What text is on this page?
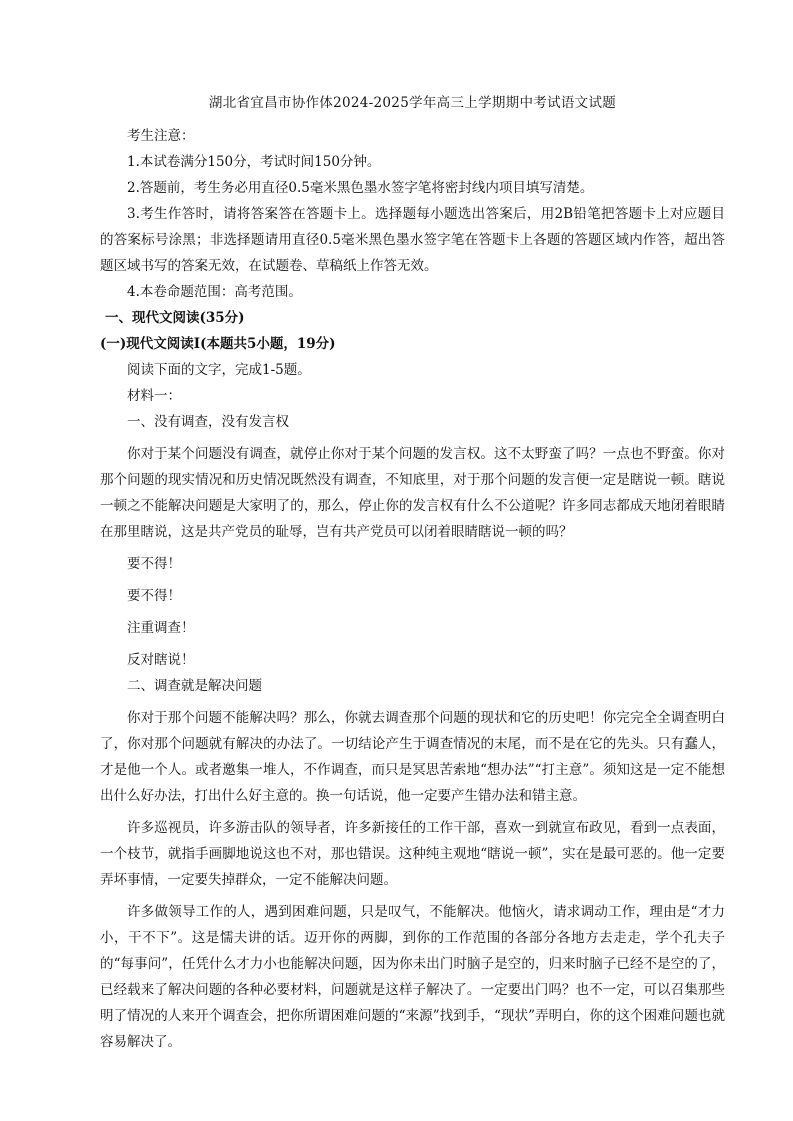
湖北省宜昌市协作体2024-2025学年高三上学期期中考试语文试题

考生注意：

1.本试卷满分150分，考试时间150分钟。

2.答题前，考生务必用直径0.5毫米黑色墨水签字笔将密封线内项目填写清楚。

3.考生作答时，请将答案答在答题卡上。选择题每小题选出答案后，用2B铅笔把答题卡上对应题目的答案标号涂黑；非选择题请用直径0.5毫米黑色墨水签字笔在答题卡上各题的答题区域内作答，超出答题区域书写的答案无效，在试题卷、草稿纸上作答无效。

4.本卷命题范围：高考范围。

一、现代文阅读(35分)

(一)现代文阅读Ⅰ(本题共5小题，19分)

阅读下面的文字，完成1-5题。

材料一：

一、没有调查，没有发言权

你对于某个问题没有调查，就停止你对于某个问题的发言权。这不太野蛮了吗？一点也不野蛮。你对那个问题的现实情况和历史情况既然没有调查，不知底里，对于那个问题的发言便一定是瞎说一顿。瞎说一顿之不能解决问题是大家明了的，那么，停止你的发言权有什么不公道呢？许多同志都成天地闭着眼睛在那里瞎说，这是共产党员的耻辱，岂有共产党员可以闭着眼睛瞎说一顿的吗？

要不得！

要不得！

注重调查！

反对瞎说！

二、调查就是解决问题

你对于那个问题不能解决吗？那么，你就去调查那个问题的现状和它的历史吧！你完完全全调查明白了，你对那个问题就有解决的办法了。一切结论产生于调查情况的末尾，而不是在它的先头。只有蠢人，才是他一个人。或者邀集一堆人，不作调查，而只是冥思苦索地“想办法”“打主意”。须知这是一定不能想出什么好办法，打出什么好主意的。换一句话说，他一定要产生错办法和错主意。

许多巡视员，许多游击队的领导者，许多新接任的工作干部，喜欢一到就宣布政见，看到一点表面，一个枝节，就指手画脚地说这也不对，那也错误。这种纯主观地“瞎说一顿”，实在是最可恶的。他一定要弄坏事情，一定要失掉群众，一定不能解决问题。

许多做领导工作的人，遇到困难问题，只是叹气，不能解决。他恼火，请求调动工作，理由是“才力小，干不下”。这是懦夫讲的话。迈开你的两脚，到你的工作范围的各部分各地方去走走，学个孔夫子的“每事问”，任凭什么才力小也能解决问题，因为你未出门时脑子是空的，归来时脑子已经不是空的了，已经载来了解决问题的各种必要材料，问题就是这样子解决了。一定要出门吗？也不一定，可以召集那些明了情况的人来开个调查会，把你所谓困难问题的“来源”找到手，“现状”弄明白，你的这个困难问题也就容易解决了。
